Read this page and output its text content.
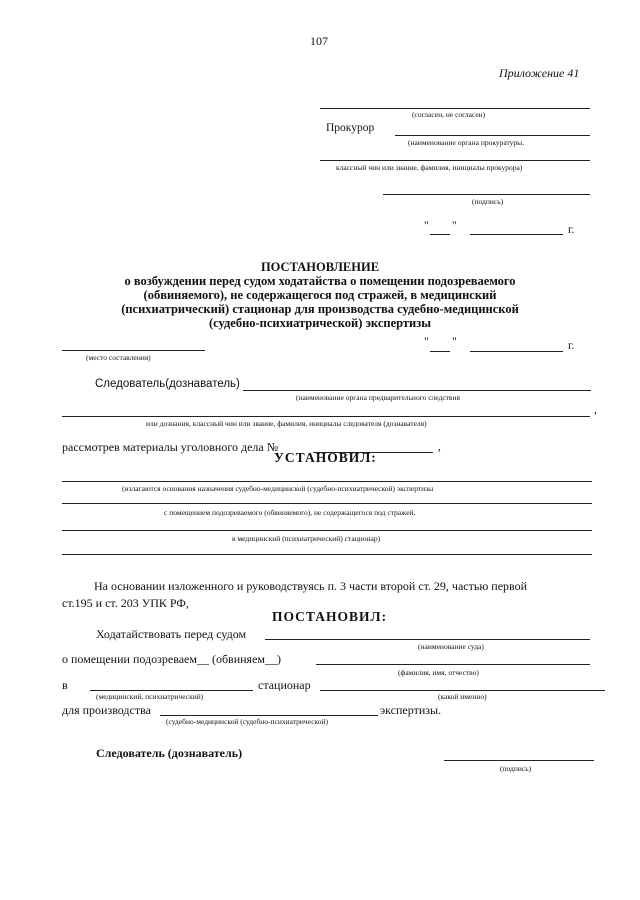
107
Приложение 41
(согласен, не согласен)
Прокурор
(наименование органа прокуратуры.
классный чин или звание, фамилия, инициалы прокурора)
(подпись)
" "	г.
ПОСТАНОВЛЕНИЕ
о возбуждении перед судом ходатайства о помещении подозреваемого
(обвиняемого), не содержащегося под стражей, в медицинский
(психиатрический) стационар для производства судебно-медицинской
(судебно-психиатрической) экспертизы
(место составления)
" "	г.
Следователь(дознаватель)
(наименование органа предварительного следствия
,
или дознания, классный чин или звание, фамилия, инициалы следователя (дознавателя)
рассмотрев материалы уголовного дела №	,
УСТАНОВИЛ:
(излагаются основания назначения судебно-медицинской (судебно-психиатрической) экспертизы
с помещением подозреваемого (обвиняемого), не содержащегося под стражей,
в медицинский (психиатрический) стационар)
На основании изложенного и руководствуясь п. 3 части второй ст. 29, частью первой
ст.195 и ст. 203 УПК РФ,
ПОСТАНОВИЛ:
Ходатайствовать перед судом
(наименование суда)
о помещении подозреваем__ (обвиняем__)
(фамилия, имя, отчество)
в
(медицинский, психиатрический)
стационар
(какой именно)
для производства	экспертизы.
(судебно-медицинской (судебно-психиатрической)
Следователь (дознаватель)
(подпись)
